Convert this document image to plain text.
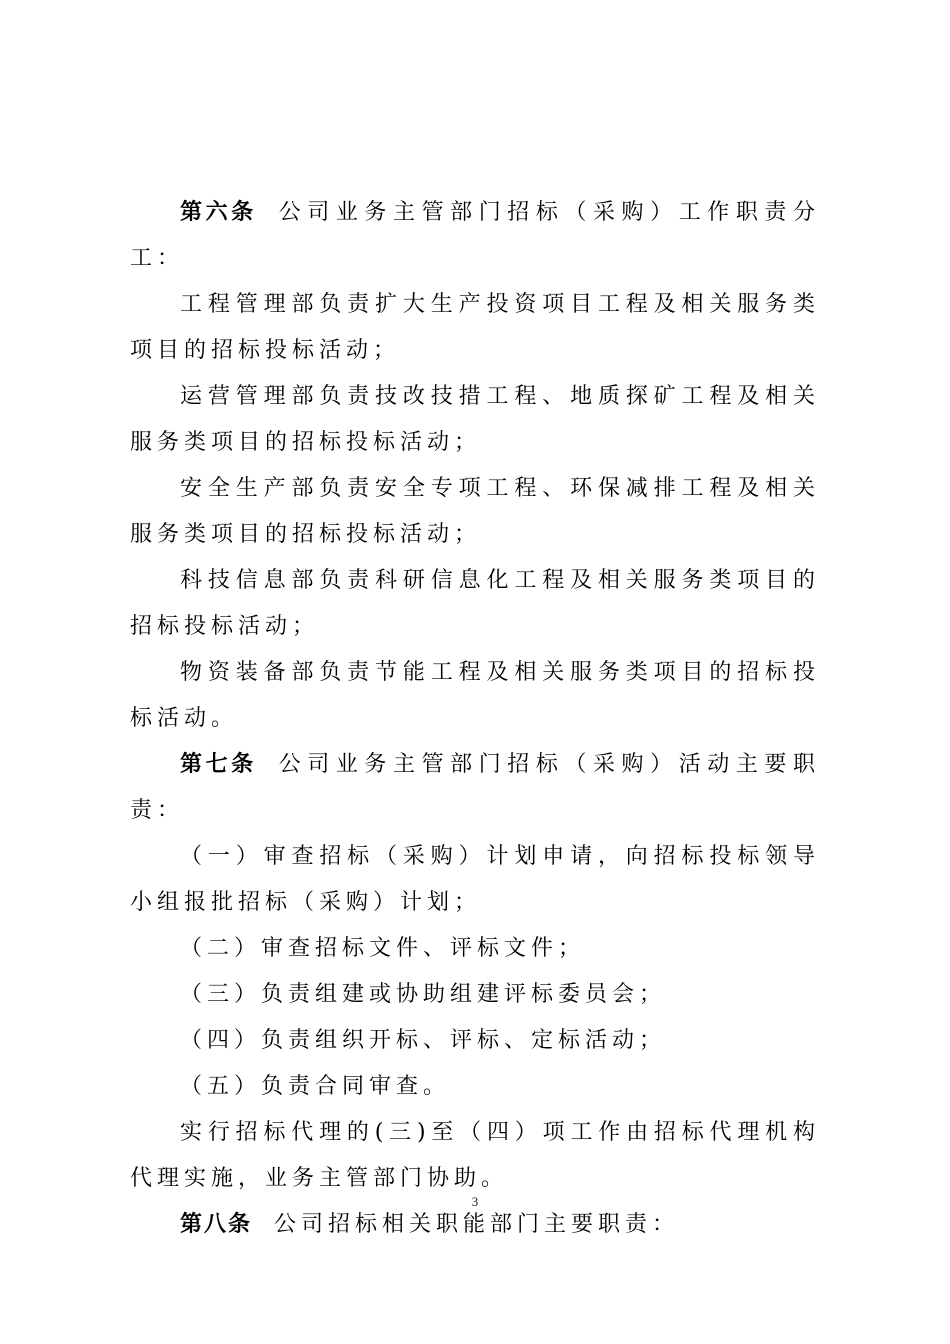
第六条 公司业务主管部门招标（采购）工作职责分工：

工程管理部负责扩大生产投资项目工程及相关服务类项目的招标投标活动；

运营管理部负责技改技措工程、地质探矿工程及相关服务类项目的招标投标活动；

安全生产部负责安全专项工程、环保减排工程及相关服务类项目的招标投标活动；

科技信息部负责科研信息化工程及相关服务类项目的招标投标活动；

物资装备部负责节能工程及相关服务类项目的招标投标活动。

第七条 公司业务主管部门招标（采购）活动主要职责：

（一）审查招标（采购）计划申请，向招标投标领导小组报批招标（采购）计划；

（二）审查招标文件、评标文件；

（三）负责组建或协助组建评标委员会；

（四）负责组织开标、评标、定标活动；

（五）负责合同审查。

实行招标代理的(三)至（四）项工作由招标代理机构代理实施，业务主管部门协助。

第八条 公司招标相关职能部门主要职责：

3
